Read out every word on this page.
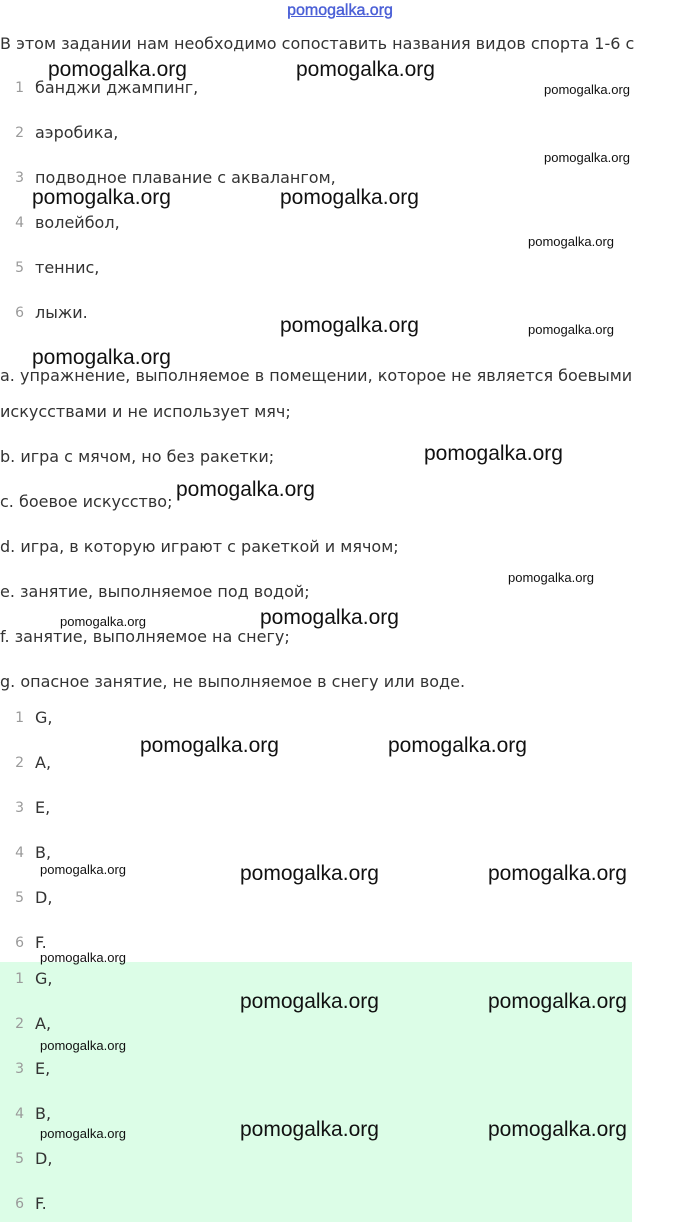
pomogalka.org
В этом задании нам необходимо сопоставить названия видов спорта 1-6 с
1 банджи джампинг,
2 аэробика,
3 подводное плавание с аквалангом,
4 волейбол,
5 теннис,
6 лыжи.
a. упражнение, выполняемое в помещении, которое не является боевыми
искусствами и не использует мяч;
b. игра с мячом, но без ракетки;
c. боевое искусство;
d. игра, в которую играют с ракеткой и мячом;
e. занятие, выполняемое под водой;
f. занятие, выполняемое на снегу;
g. опасное занятие, не выполняемое в снегу или воде.
1 G,
2 A,
3 E,
4 B,
5 D,
6 F.
1 G,
2 A,
3 E,
4 B,
5 D,
6 F.
pomogalka.org	pomogalka.org
pomogalka.org
pomogalka.org
pomogalka.org	pomogalka.org
pomogalka.org
pomogalka.org	pomogalka.org
pomogalka.org
pomogalka.org
pomogalka.org
pomogalka.org
pomogalka.org
pomogalka.org
pomogalka.org	pomogalka.org
pomogalka.org	pomogalka.org	pomogalka.org
pomogalka.org
pomogalka.org	pomogalka.org
pomogalka.org
pomogalka.org	pomogalka.org	pomogalka.org
